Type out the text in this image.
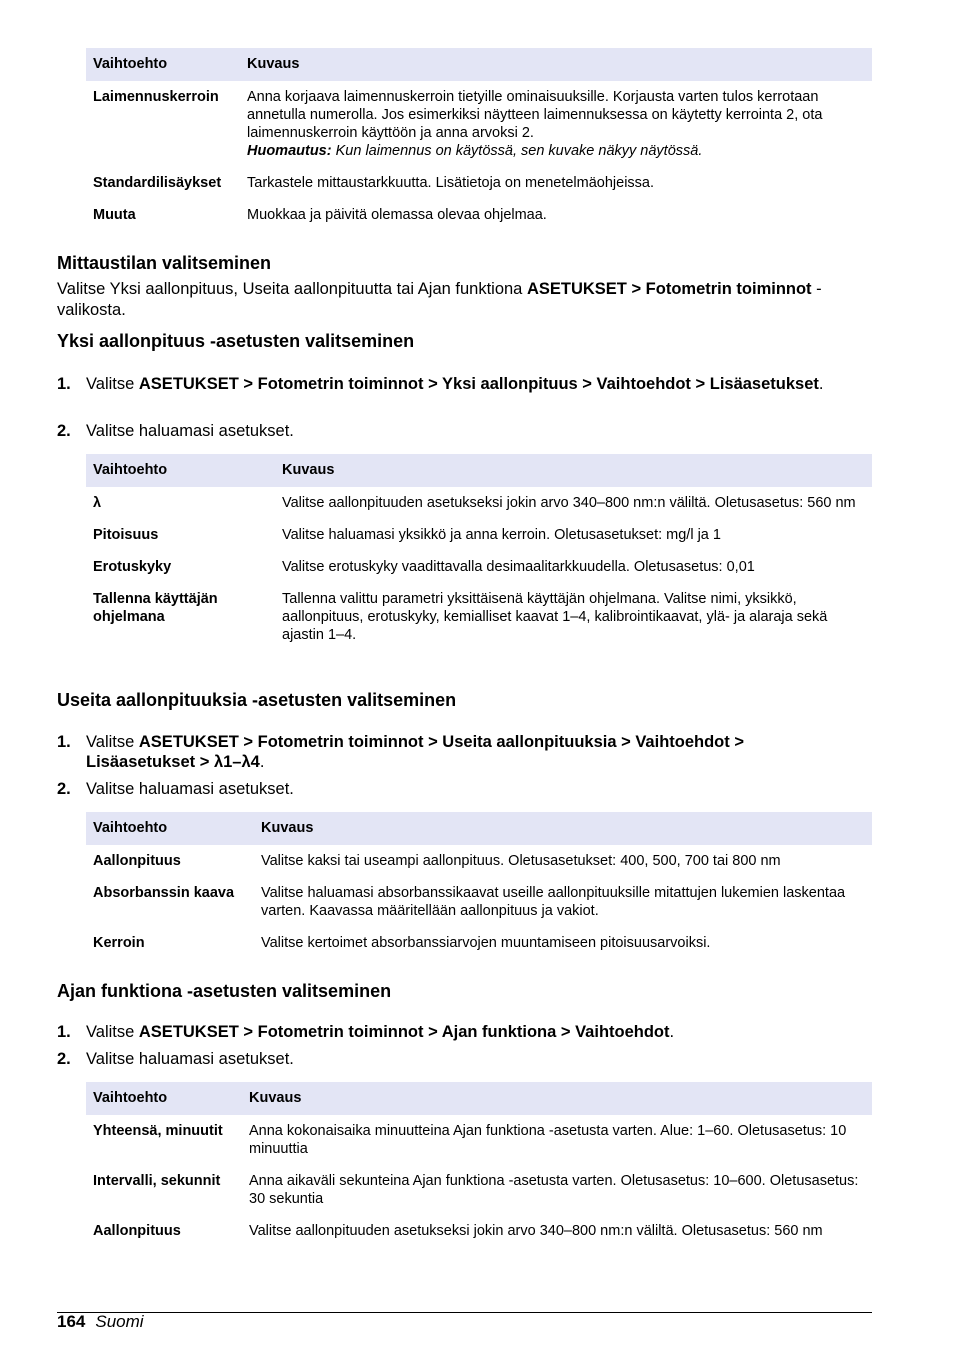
Vaihtoehto	Kuvaus
Laimennuskerroin	Anna korjaava laimennuskerroin tietyille ominaisuuksille. Korjausta varten tulos kerrotaan annetulla numerolla. Jos esimerkiksi näytteen laimennuksessa on käytetty kerrointa 2, ota laimennuskerroin käyttöön ja anna arvoksi 2.
Huomautus: Kun laimennus on käytössä, sen kuvake näkyy näytössä.
Standardilisäykset	Tarkastele mittaustarkkuutta. Lisätietoja on menetelmäohjeissa.
Muuta	Muokkaa ja päivitä olemassa olevaa ohjelmaa.
Mittaustilan valitseminen

Valitse Yksi aallonpituus, Useita aallonpituutta tai Ajan funktiona ASETUKSET > Fotometrin toiminnot -valikosta.

Yksi aallonpituus -asetusten valitseminen
1. Valitse ASETUKSET > Fotometrin toiminnot > Yksi aallonpituus > Vaihtoehdot > Lisäasetukset.
2. Valitse haluamasi asetukset.
Vaihtoehto	Kuvaus
λ	Valitse aallonpituuden asetukseksi jokin arvo 340–800 nm:n väliltä. Oletusasetus: 560 nm
Pitoisuus	Valitse haluamasi yksikkö ja anna kerroin. Oletusasetukset: mg/l ja 1
Erotuskyky	Valitse erotuskyky vaadittavalla desimaalitarkkuudella. Oletusasetus: 0,01
Tallenna käyttäjän ohjelmana	Tallenna valittu parametri yksittäisenä käyttäjän ohjelmana. Valitse nimi, yksikkö, aallonpituus, erotuskyky, kemialliset kaavat 1–4, kalibrointikaavat, ylä- ja alaraja sekä ajastin 1–4.
Useita aallonpituuksia -asetusten valitseminen
1. Valitse ASETUKSET > Fotometrin toiminnot > Useita aallonpituuksia > Vaihtoehdot > Lisäasetukset > λ1–λ4.
2. Valitse haluamasi asetukset.
Vaihtoehto	Kuvaus
Aallonpituus	Valitse kaksi tai useampi aallonpituus. Oletusasetukset: 400, 500, 700 tai 800 nm
Absorbanssin kaava	Valitse haluamasi absorbanssikaavat useille aallonpituuksille mitattujen lukemien laskentaa varten. Kaavassa määritellään aallonpituus ja vakiot.
Kerroin	Valitse kertoimet absorbanssiarvojen muuntamiseen pitoisuusarvoiksi.
Ajan funktiona -asetusten valitseminen
1. Valitse ASETUKSET > Fotometrin toiminnot > Ajan funktiona > Vaihtoehdot.
2. Valitse haluamasi asetukset.
Vaihtoehto	Kuvaus
Yhteensä, minuutit	Anna kokonaisaika minuutteina Ajan funktiona -asetusta varten. Alue: 1–60. Oletusasetus: 10 minuuttia
Intervalli, sekunnit	Anna aikaväli sekunteina Ajan funktiona -asetusta varten. Oletusasetus: 10–600. Oletusasetus: 30 sekuntia
Aallonpituus	Valitse aallonpituuden asetukseksi jokin arvo 340–800 nm:n väliltä. Oletusasetus: 560 nm
164 Suomi
